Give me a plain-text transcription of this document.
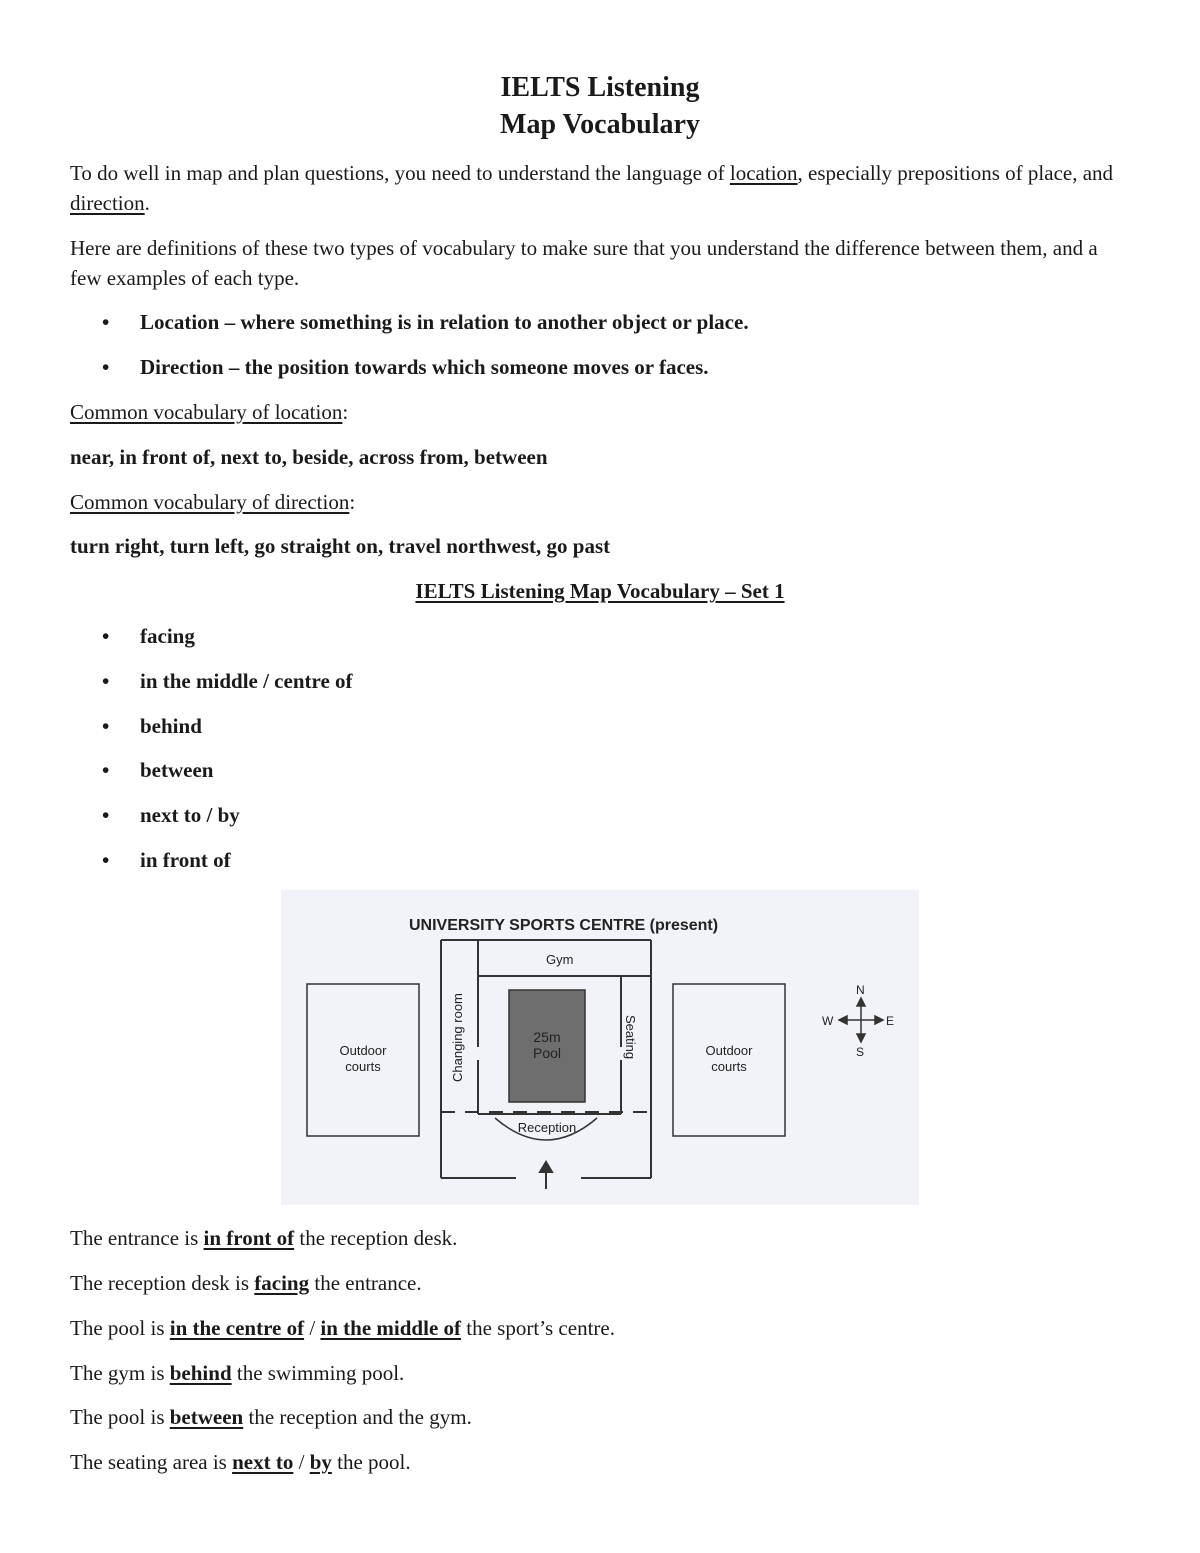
IELTS Listening
Map Vocabulary

To do well in map and plan questions, you need to understand the language of location, especially prepositions of place, and direction.

Here are definitions of these two types of vocabulary to make sure that you understand the difference between them, and a few examples of each type.

• Location – where something is in relation to another object or place.
• Direction – the position towards which someone moves or faces.
Common vocabulary of location:
near, in front of, next to, beside, across from, between
Common vocabulary of direction:
turn right, turn left, go straight on, travel northwest, go past
IELTS Listening Map Vocabulary – Set 1
• facing
• in the middle / centre of
• behind
• between
• next to / by
• in front of
UNIVERSITY SPORTS CENTRE (present)
Gym
Changing room	25m
Pool	Seating
Reception
Outdoor
courts
Outdoor
courts
N
S
E
W
The entrance is in front of the reception desk.
The reception desk is facing the entrance.
The pool is in the centre of / in the middle of the sport’s centre.
The gym is behind the swimming pool.
The pool is between the reception and the gym.
The seating area is next to / by the pool.
